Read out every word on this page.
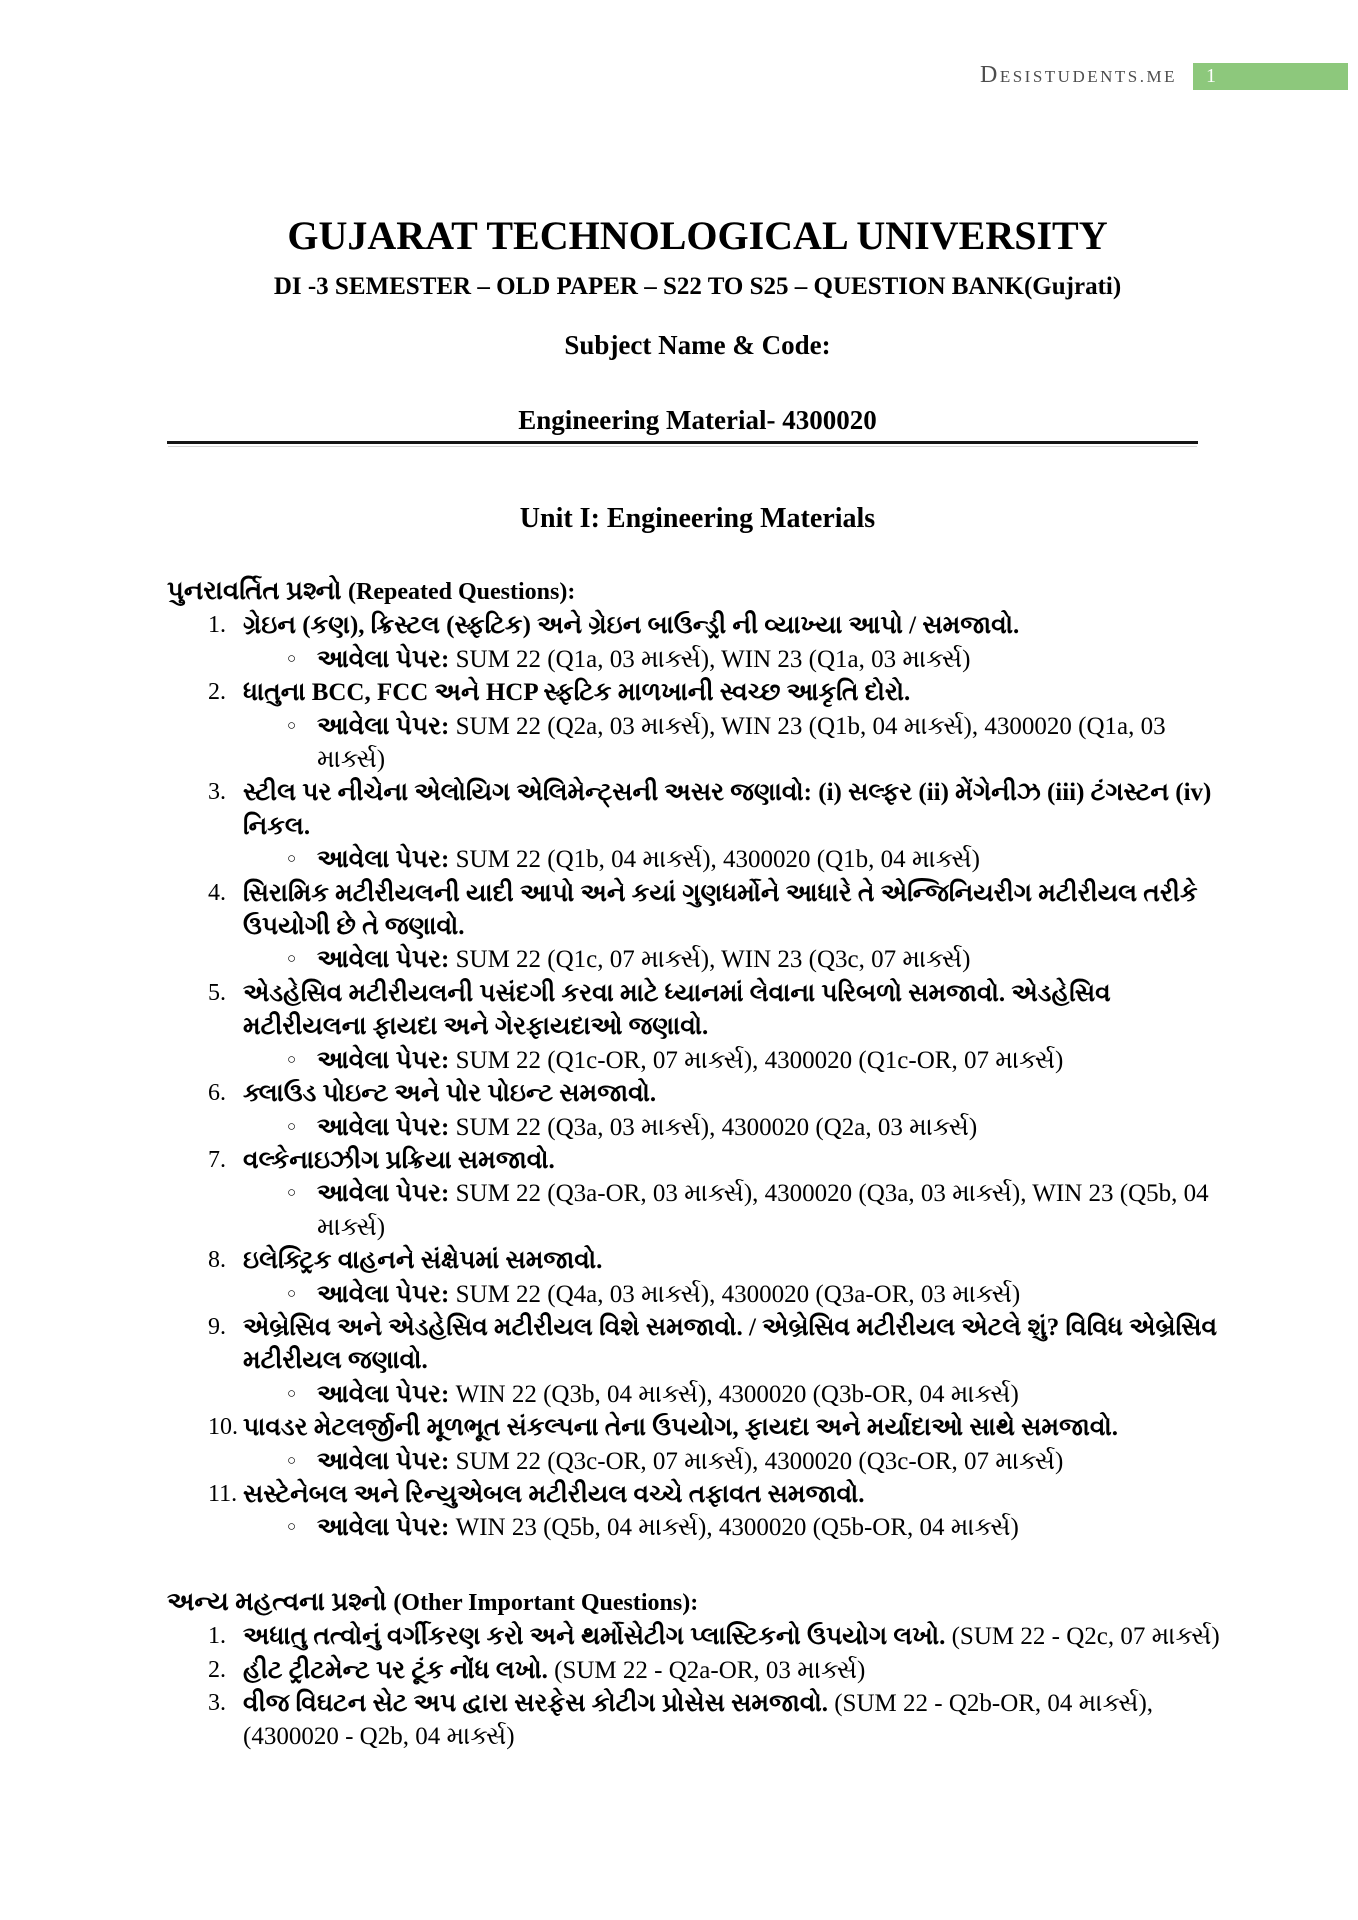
DESISTUDENTS.ME	1
GUJARAT TECHNOLOGICAL UNIVERSITY
DI -3 SEMESTER – OLD PAPER – S22 TO S25 – QUESTION BANK(Gujrati)
Subject Name & Code:
Engineering Material- 4300020
Unit I: Engineering Materials
પુનરાવર્તિત પ્રશ્નો (Repeated Questions):
1. ગ્રેઇન (કણ), ક્રિસ્ટલ (સ્ફટિક) અને ગ્રેઇન બાઉન્ડ્રી ની વ્યાખ્યા આપો / સમજાવો.
○ આવેલા પેપર: SUM 22 (Q1a, 03 માર્ક્સ), WIN 23 (Q1a, 03 માર્ક્સ)
2. ધાતુના BCC, FCC અને HCP સ્ફટિક માળખાની સ્વચ્છ આકૃતિ દોરો.
○ આવેલા પેપર: SUM 22 (Q2a, 03 માર્ક્સ), WIN 23 (Q1b, 04 માર્ક્સ), 4300020 (Q1a, 03 માર્ક્સ)
3. સ્ટીલ પર નીચેના એલોયિગ એલિમેન્ટ્સની અસર જણાવો: (i) સલ્ફર (ii) મેંગેનીઝ (iii) ટંગસ્ટન (iv) નિકલ.
○ આવેલા પેપર: SUM 22 (Q1b, 04 માર્ક્સ), 4300020 (Q1b, 04 માર્ક્સ)
4. સિરામિક મટીરીયલની યાદી આપો અને કયાં ગુણધર્મોને આધારે તે એન્જિનિયરીગ મટીરીયલ તરીકે ઉપયોગી છે તે જણાવો.
○ આવેલા પેપર: SUM 22 (Q1c, 07 માર્ક્સ), WIN 23 (Q3c, 07 માર્ક્સ)
5. એડહેસિવ મટીરીયલની પસંદગી કરવા માટે ધ્યાનમાં લેવાના પરિબળો સમજાવો. એડહેસિવ મટીરીયલના ફાયદા અને ગેરફાયદાઓ જણાવો.
○ આવેલા પેપર: SUM 22 (Q1c-OR, 07 માર્ક્સ), 4300020 (Q1c-OR, 07 માર્ક્સ)
6. ક્લાઉડ પોઇન્ટ અને પોર પોઇન્ટ સમજાવો.
○ આવેલા પેપર: SUM 22 (Q3a, 03 માર્ક્સ), 4300020 (Q2a, 03 માર્ક્સ)
7. વલ્કેનાઇઝીગ પ્રક્રિયા સમજાવો.
○ આવેલા પેપર: SUM 22 (Q3a-OR, 03 માર્ક્સ), 4300020 (Q3a, 03 માર્ક્સ), WIN 23 (Q5b, 04 માર્ક્સ)
8. ઇલેક્ટ્રિક વાહનને સંક્ષેપમાં સમજાવો.
○ આવેલા પેપર: SUM 22 (Q4a, 03 માર્ક્સ), 4300020 (Q3a-OR, 03 માર્ક્સ)
9. એબ્રેસિવ અને એડહેસિવ મટીરીયલ વિશે સમજાવો. / એબ્રેસિવ મટીરીયલ એટલે શું? વિવિધ એબ્રેસિવ મટીરીયલ જણાવો.
○ આવેલા પેપર: WIN 22 (Q3b, 04 માર્ક્સ), 4300020 (Q3b-OR, 04 માર્ક્સ)
10. પાવડર મેટલર્જીની મૂળભૂત સંકલ્પના તેના ઉપયોગ, ફાયદા અને મર્યાદાઓ સાથે સમજાવો.
○ આવેલા પેપર: SUM 22 (Q3c-OR, 07 માર્ક્સ), 4300020 (Q3c-OR, 07 માર્ક્સ)
11. સસ્ટેનેબલ અને રિન્યુએબલ મટીરીયલ વચ્ચે તફાવત સમજાવો.
○ આવેલા પેપર: WIN 23 (Q5b, 04 માર્ક્સ), 4300020 (Q5b-OR, 04 માર્ક્સ)
અન્ય મહત્વના પ્રશ્નો (Other Important Questions):
1. અધાતુ તત્વોનું વર્ગીકરણ કરો અને થર્મોસેટીગ પ્લાસ્ટિકનો ઉપયોગ લખો. (SUM 22 - Q2c, 07 માર્ક્સ)
2. હીટ ટ્રીટમેન્ટ પર ટૂંક નોંધ લખો. (SUM 22 - Q2a-OR, 03 માર્ક્સ)
3. વીજ વિઘટન સેટ અપ દ્વારા સરફેસ કોટીગ પ્રોસેસ સમજાવો. (SUM 22 - Q2b-OR, 04 માર્ક્સ), (4300020 - Q2b, 04 માર્ક્સ)
